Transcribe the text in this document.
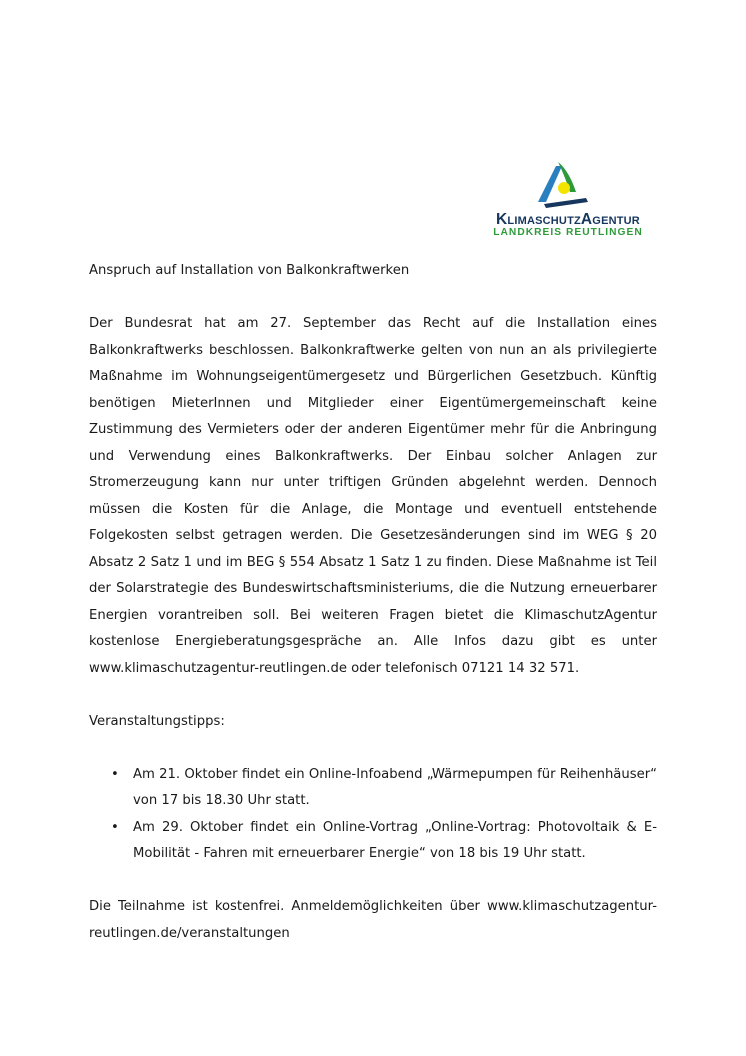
KlimaschutzAgentur
LANDKREIS REUTLINGEN

Anspruch auf Installation von Balkonkraftwerken

Der Bundesrat hat am 27. September das Recht auf die Installation eines Balkonkraftwerks beschlossen. Balkonkraftwerke gelten von nun an als privilegierte Maßnahme im Wohnungseigentümergesetz und Bürgerlichen Gesetzbuch. Künftig benötigen MieterInnen und Mitglieder einer Eigentümergemeinschaft keine Zustimmung des Vermieters oder der anderen Eigentümer mehr für die Anbringung und Verwendung eines Balkonkraftwerks. Der Einbau solcher Anlagen zur Stromerzeugung kann nur unter triftigen Gründen abgelehnt werden. Dennoch müssen die Kosten für die Anlage, die Montage und eventuell entstehende Folgekosten selbst getragen werden. Die Gesetzesänderungen sind im WEG § 20 Absatz 2 Satz 1 und im BEG § 554 Absatz 1 Satz 1 zu finden. Diese Maßnahme ist Teil der Solarstrategie des Bundeswirtschaftsministeriums, die die Nutzung erneuerbarer Energien vorantreiben soll. Bei weiteren Fragen bietet die KlimaschutzAgentur kostenlose Energieberatungsgespräche an. Alle Infos dazu gibt es unter www.klimaschutzagentur-reutlingen.de oder telefonisch 07121 14 32 571.

Veranstaltungstipps:

• Am 21. Oktober findet ein Online-Infoabend „Wärmepumpen für Reihenhäuser“ von 17 bis 18.30 Uhr statt.
• Am 29. Oktober findet ein Online-Vortrag „Online-Vortrag: Photovoltaik & E-Mobilität - Fahren mit erneuerbarer Energie“ von 18 bis 19 Uhr statt.

Die Teilnahme ist kostenfrei. Anmeldemöglichkeiten über www.klimaschutzagentur-reutlingen.de/veranstaltungen
